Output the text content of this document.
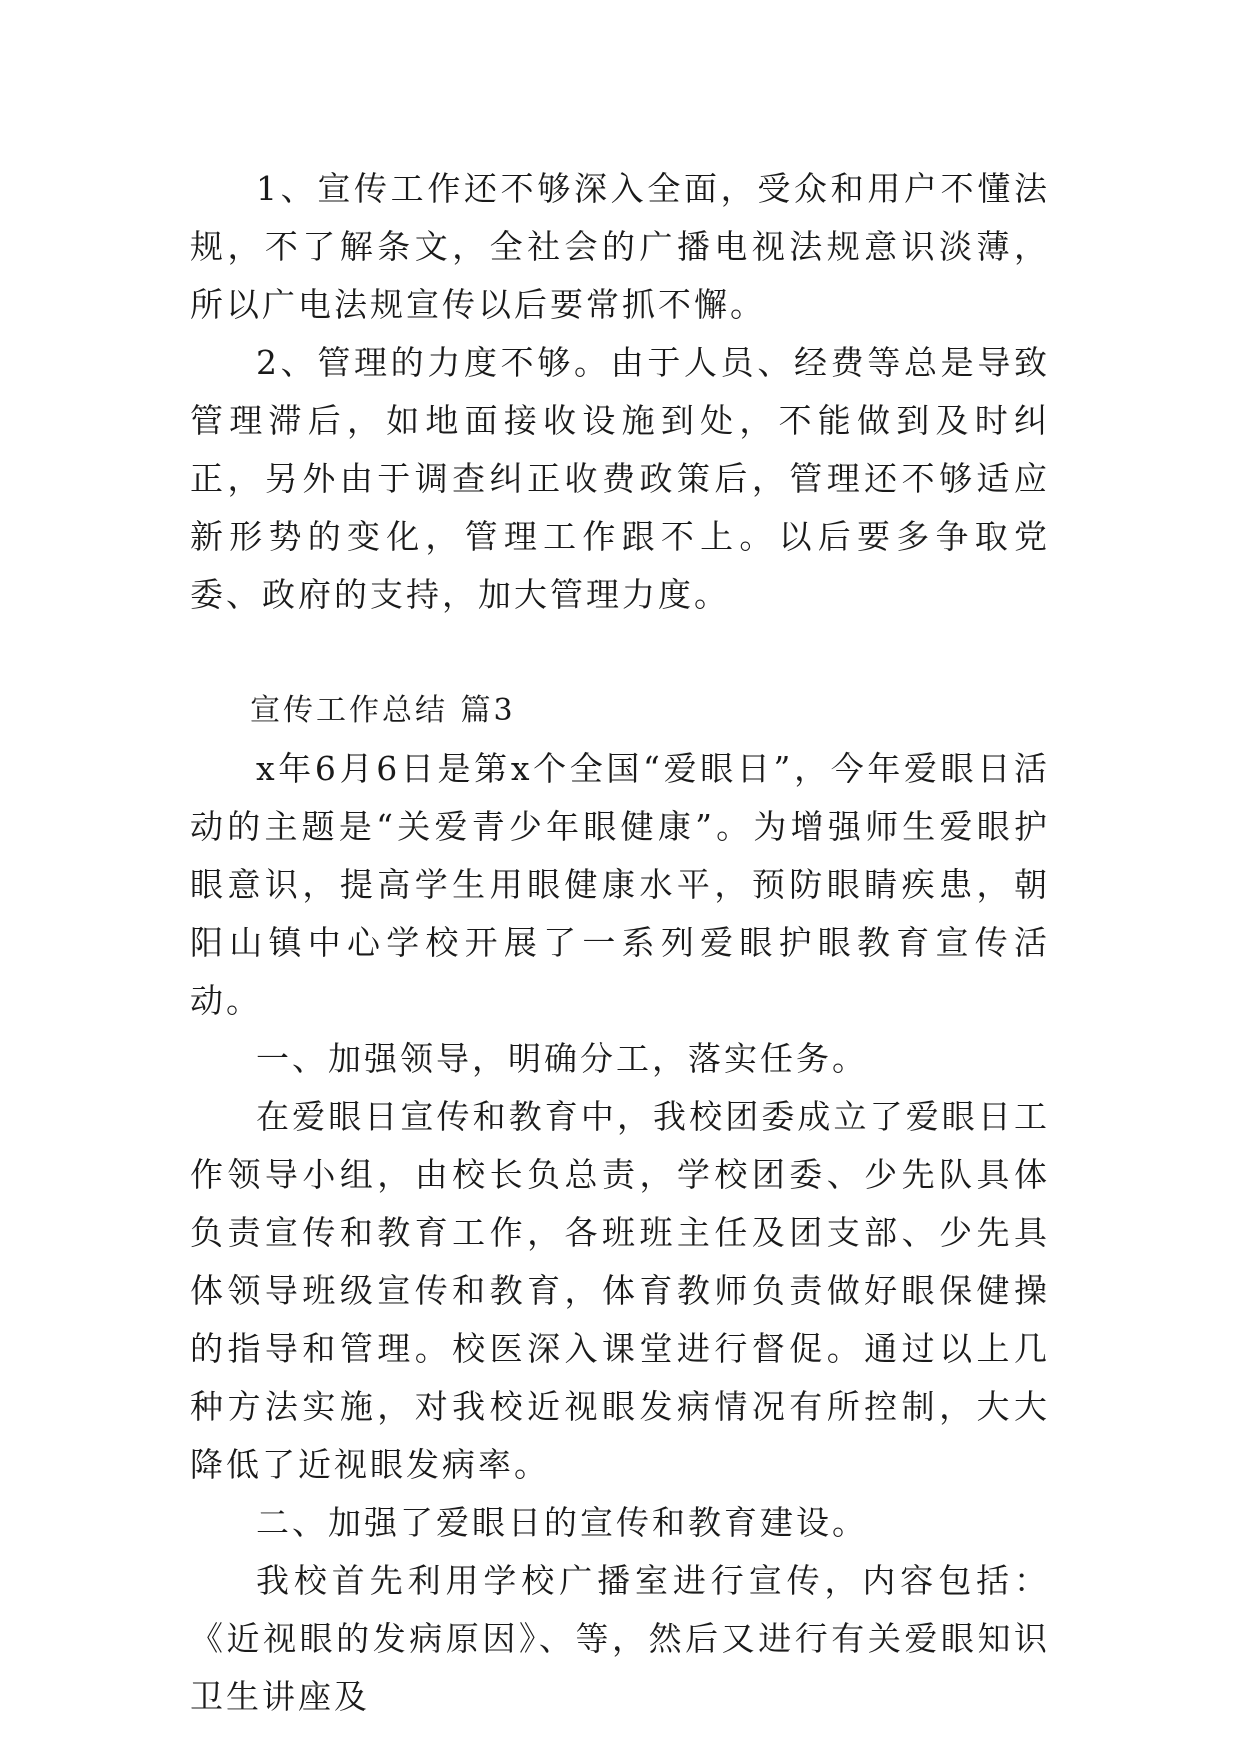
1、宣传工作还不够深入全面，受众和用户不懂法规，不了解条文，全社会的广播电视法规意识淡薄，所以广电法规宣传以后要常抓不懈。

2、管理的力度不够。由于人员、经费等总是导致管理滞后，如地面接收设施到处，不能做到及时纠正，另外由于调查纠正收费政策后，管理还不够适应新形势的变化，管理工作跟不上。以后要多争取党委、政府的支持，加大管理力度。

宣传工作总结 篇3

x年6月6日是第x个全国“爱眼日”，今年爱眼日活动的主题是“关爱青少年眼健康”。为增强师生爱眼护眼意识，提高学生用眼健康水平，预防眼睛疾患，朝阳山镇中心学校开展了一系列爱眼护眼教育宣传活动。

一、加强领导，明确分工，落实任务。

在爱眼日宣传和教育中，我校团委成立了爱眼日工作领导小组，由校长负总责，学校团委、少先队具体负责宣传和教育工作，各班班主任及团支部、少先具体领导班级宣传和教育，体育教师负责做好眼保健操的指导和管理。校医深入课堂进行督促。通过以上几种方法实施，对我校近视眼发病情况有所控制，大大降低了近视眼发病率。

二、加强了爱眼日的宣传和教育建设。

我校首先利用学校广播室进行宣传，内容包括：《近视眼的发病原因》、等，然后又进行有关爱眼知识卫生讲座及
